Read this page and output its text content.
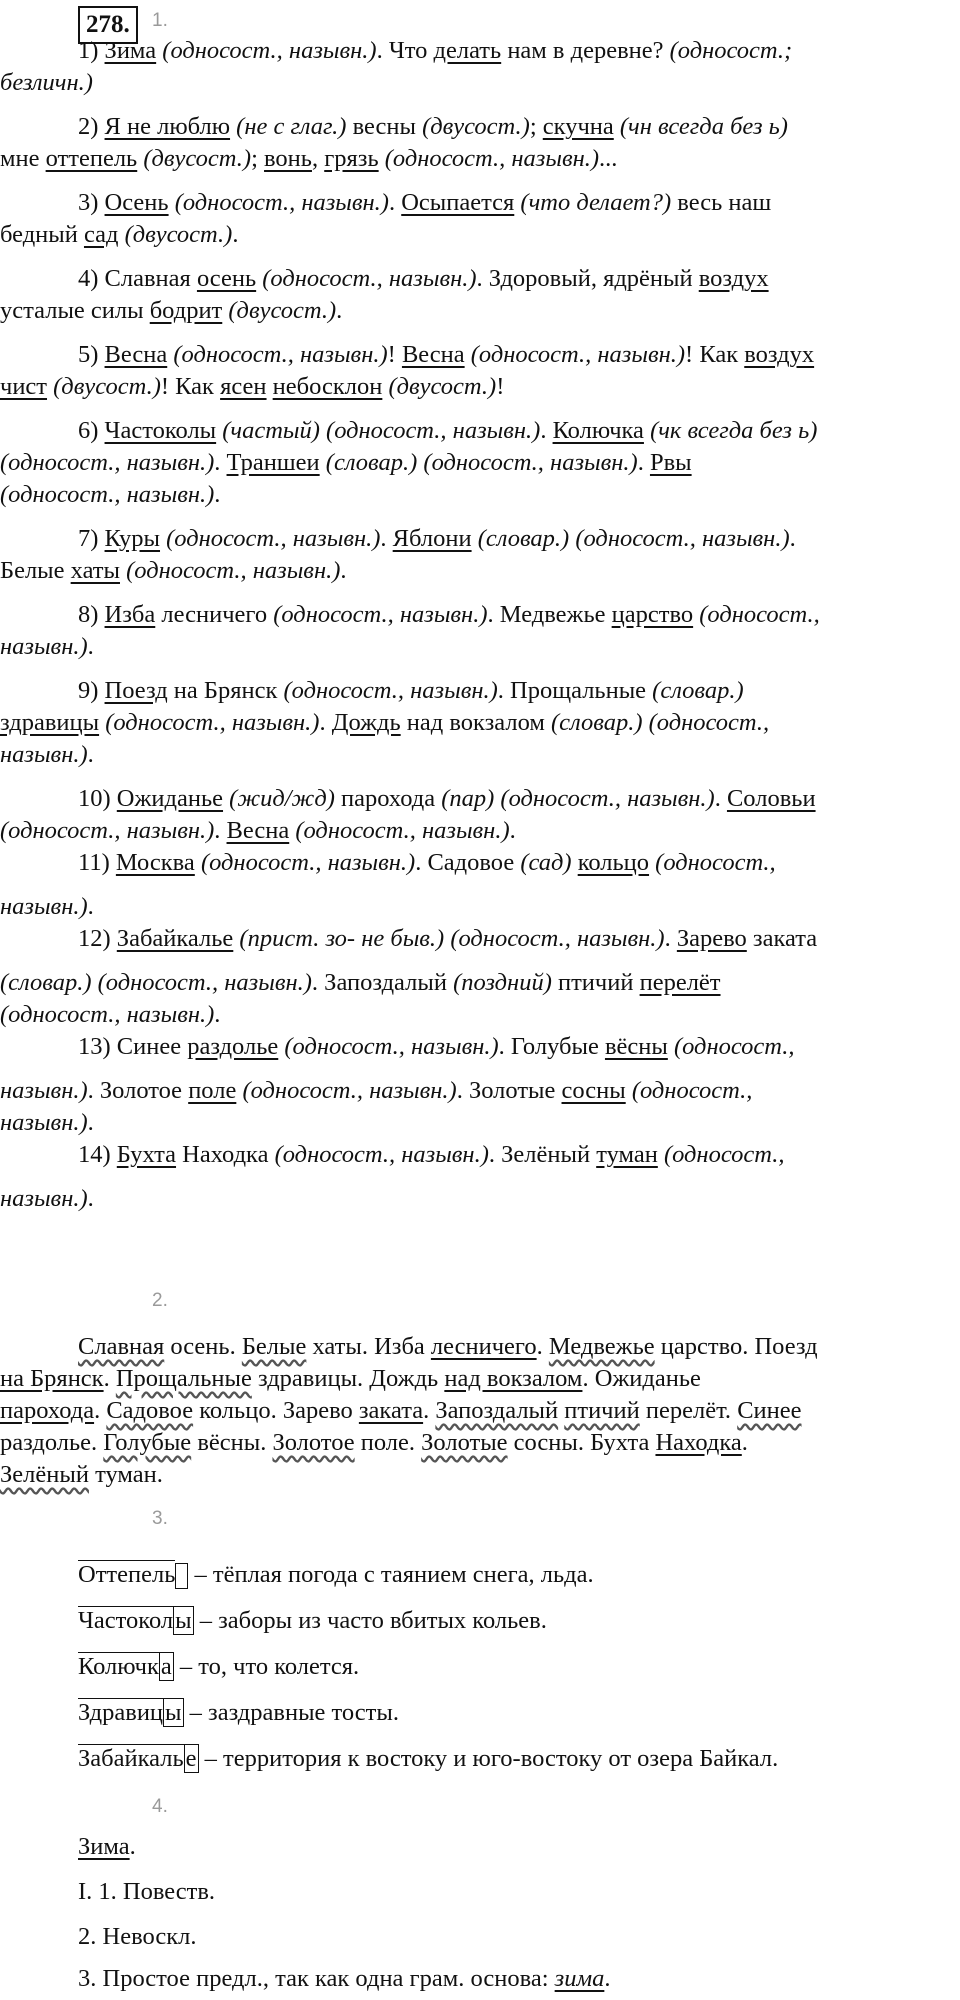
278.	1.
1) Зима (односост., назывн.). Что делать нам в деревне? (односост.;
безличн.)
2) Я не люблю (не с глаг.) весны (двусост.); скучна (чн всегда без ь)
мне оттепель (двусост.); вонь, грязь (односост., назывн.)...
3) Осень (односост., назывн.). Осыпается (что делает?) весь наш
бедный сад (двусост.).
4) Славная осень (односост., назывн.). Здоровый, ядрёный воздух
усталые силы бодрит (двусост.).
5) Весна (односост., назывн.)! Весна (односост., назывн.)! Как воздух
чист (двусост.)! Как ясен небосклон (двусост.)!
6) Частоколы (частый) (односост., назывн.). Колючка (чк всегда без ь)
(односост., назывн.). Траншеи (словар.) (односост., назывн.). Рвы
(односост., назывн.).
7) Куры (односост., назывн.). Яблони (словар.) (односост., назывн.).
Белые хаты (односост., назывн.).
8) Изба лесничего (односост., назывн.). Медвежье царство (односост.,
назывн.).
9) Поезд на Брянск (односост., назывн.). Прощальные (словар.)
здравицы (односост., назывн.). Дождь над вокзалом (словар.) (односост.,
назывн.).
10) Ожиданье (жид/жд) парохода (пар) (односост., назывн.). Соловьи
(односост., назывн.). Весна (односост., назывн.).
11) Москва (односост., назывн.). Садовое (сад) кольцо (односост.,
назывн.).
12) Забайкалье (прист. зо- не быв.) (односост., назывн.). Зарево заката
(словар.) (односост., назывн.). Запоздалый (поздний) птичий перелёт
(односост., назывн.).
13) Синее раздолье (односост., назывн.). Голубые вёсны (односост.,
назывн.). Золотое поле (односост., назывн.). Золотые сосны (односост.,
назывн.).
14) Бухта Находка (односост., назывн.). Зелёный туман (односост.,
назывн.).
2.
Славная осень. Белые хаты. Изба лесничего. Медвежье царство. Поезд
на Брянск. Прощальные здравицы. Дождь над вокзалом. Ожиданье
парохода. Садовое кольцо. Зарево заката. Запоздалый птичий перелёт. Синее
раздолье. Голубые вёсны. Золотое поле. Золотые сосны. Бухта Находка.
Зелёный туман.
3.
Оттепель – тёплая погода с таянием снега, льда.
Частоколы – заборы из часто вбитых кольев.
Колючка – то, что колется.
Здравицы – заздравные тосты.
Забайкалье – территория к востоку и юго-востоку от озера Байкал.
4.
Зима.
I. 1. Повеств.
2. Невоскл.
3. Простое предл., так как одна грам. основа: зима.
